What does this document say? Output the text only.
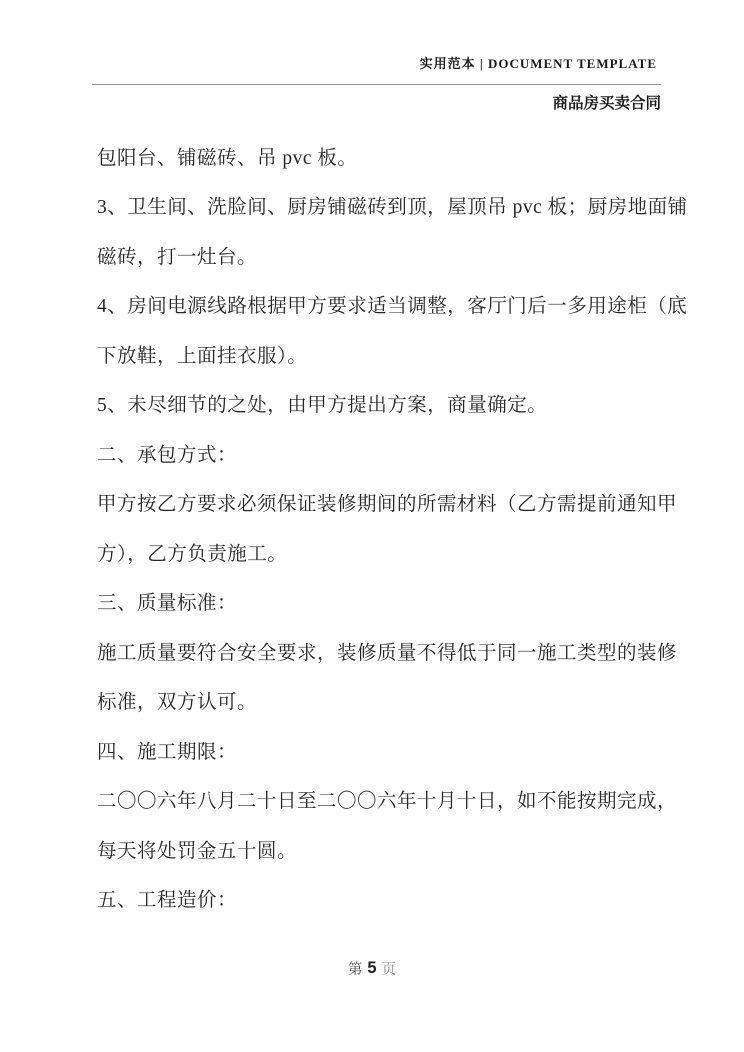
实用范本 | DOCUMENT TEMPLATE
商品房买卖合同
包阳台、铺磁砖、吊 pvc 板。
3、卫生间、洗脸间、厨房铺磁砖到顶，屋顶吊 pvc 板；厨房地面铺
磁砖，打一灶台。
4、房间电源线路根据甲方要求适当调整，客厅门后一多用途柜（底
下放鞋，上面挂衣服）。
5、未尽细节的之处，由甲方提出方案，商量确定。
二、承包方式：
甲方按乙方要求必须保证装修期间的所需材料（乙方需提前通知甲
方），乙方负责施工。
三、质量标准：
施工质量要符合安全要求，装修质量不得低于同一施工类型的装修
标准，双方认可。
四、施工期限：
二〇〇六年八月二十日至二〇〇六年十月十日，如不能按期完成，
每天将处罚金五十圆。
五、工程造价：
第 5 页
